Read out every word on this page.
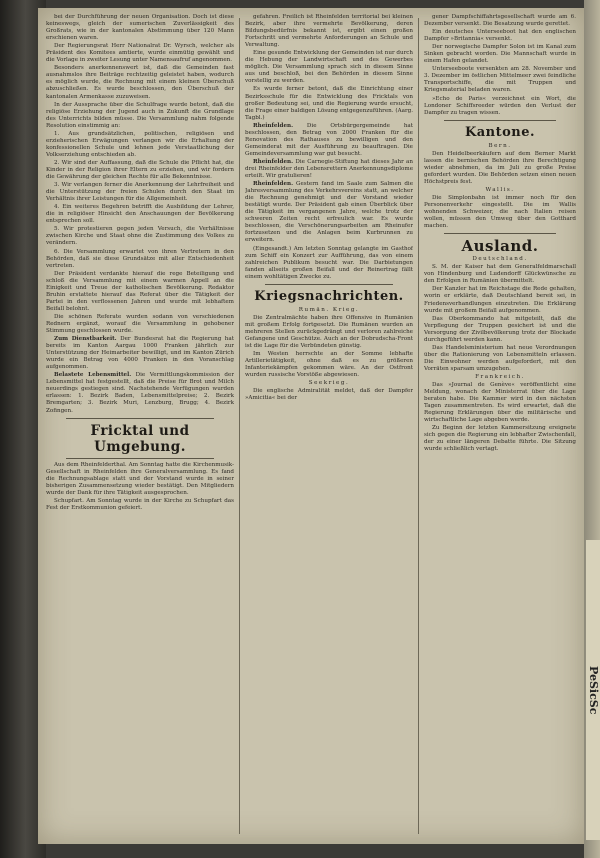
bei der Durchführung der neuen Organisation. Doch ist diese keineswegs, gleich der sumerischen Zuverlässigkeit des Großrats, wie in der kantonalen Abstimmung über 120 Mann erschienen waren.

Der Regierungsrat Herr Nationalrat Dr. Wyrsch, welcher als Präsident des Komitees amtierte, wurde einmütig gewählt und die Vorlage in zweiter Lesung unter Namensaufruf angenommen.

Besonders anerkennenswert ist, daß die Gemeinden fast ausnahmslos ihre Beiträge rechtzeitig geleistet haben, wodurch es möglich wurde, die Rechnung mit einem kleinen Überschuß abzuschließen. Es wurde beschlossen, den Überschuß der kantonalen Armenkasse zuzuweisen.

In der Aussprache über die Schulfrage wurde betont, daß die religiöse Erziehung der Jugend auch in Zukunft die Grundlage des Unterrichts bilden müsse. Die Versammlung nahm folgende Resolution einstimmig an:

1. Aus grundsätzlichen, politischen, religiösen und erzieherischen Erwägungen verlangen wir die Erhaltung der konfessionellen Schule und lehnen jede Verstaatlichung der Volkserziehung entschieden ab.

2. Wir sind der Auffassung, daß die Schule die Pflicht hat, die Kinder in der Religion ihrer Eltern zu erziehen, und wir fordern die Gewährung der gleichen Rechte für alle Bekenntnisse.

3. Wir verlangen ferner die Anerkennung der Lehrfreiheit und die Unterstützung der freien Schulen durch den Staat im Verhältnis ihrer Leistungen für die Allgemeinheit.

4. Ein weiteres Begehren betrifft die Ausbildung der Lehrer, die in religiöser Hinsicht den Anschauungen der Bevölkerung entsprechen soll.

5. Wir protestieren gegen jeden Versuch, die Verhältnisse zwischen Kirche und Staat ohne die Zustimmung des Volkes zu verändern.

6. Die Versammlung erwartet von ihren Vertretern in den Behörden, daß sie diese Grundsätze mit aller Entschiedenheit vertreten.

Der Präsident verdankte hierauf die rege Beteiligung und schloß die Versammlung mit einem warmen Appell an die Einigkeit und Treue der katholischen Bevölkerung. Redaktor Bruhin erstattete hierauf das Referat über die Tätigkeit der Partei in den verflossenen Jahren und wurde mit lebhaftem Beifall belohnt.

Die schönen Referate wurden sodann von verschiedenen Rednern ergänzt, worauf die Versammlung in gehobener Stimmung geschlossen wurde.

Zum Dienstbarkeit. Der Bundesrat hat die Regierung hat bereits im Kanton Aargau 1000 Franken jährlich zur Unterstützung der Heimarbeiter bewilligt, und im Kanton Zürich wurde ein Betrag von 4000 Franken in den Voranschlag aufgenommen.

Belastete Lebensmittel. Die Vermittlungskommission der Lebensmittel hat festgestellt, daß die Preise für Brot und Milch neuerdings gestiegen sind. Nachstehende Verfügungen wurden erlassen: 1. Bezirk Baden, Lebensmittelpreise; 2. Bezirk Bremgarten; 3. Bezirk Muri, Lenzburg, Brugg; 4. Bezirk Zofingen.

Fricktal und Umgebung.

Aus dem Rheinfelderthal. Am Sonntag hatte die Kirchenmusik-Gesellschaft in Rheinfelden ihre Generalversammlung. Es fand die Rechnungsablage statt und der Vorstand wurde in seiner bisherigen Zusammensetzung wieder bestätigt. Den Mitgliedern wurde der Dank für ihre Tätigkeit ausgesprochen.

Schupfart. Am Sonntag wurde in der Kirche zu Schupfart das Fest der Erstkommunion gefeiert.

gefahren. Freilich ist Rheinfelden territorial bei kleinen Bezirk, aber ihre vermehrte Bevölkerung, deren Bildungsbedürfnis bekannt ist, ergibt einen großen Fortschritt und vermehrte Anforderungen an Schule und Verwaltung.

Eine gesunde Entwicklung der Gemeinden ist nur durch die Hebung der Landwirtschaft und des Gewerbes möglich. Die Versammlung sprach sich in diesem Sinne aus und beschloß, bei den Behörden in diesem Sinne vorstellig zu werden.

Es wurde ferner betont, daß die Einrichtung einer Bezirksschule für die Entwicklung des Fricktals von großer Bedeutung sei, und die Regierung wurde ersucht, die Frage einer baldigen Lösung entgegenzuführen. (Aarg. Tagbl.)

Rheinfelden. Die Ortsbürgergemeinde hat beschlossen, den Betrag von 2000 Franken für die Renovation des Rathauses zu bewilligen und den Gemeinderat mit der Ausführung zu beauftragen. Die Gemeindeversammlung war gut besucht.

Rheinfelden. Die Carnegie-Stiftung hat dieses Jahr an drei Rheinfelder den Lebensrettern Anerkennungsdiplome erteilt. Wir gratulieren!

Rheinfelden. Gestern fand im Saale zum Salmen die Jahresversammlung des Verkehrsvereins statt, an welcher die Rechnung genehmigt und der Vorstand wieder bestätigt wurde. Der Präsident gab einen Überblick über die Tätigkeit im vergangenen Jahre, welche trotz der schweren Zeiten recht erfreulich war. Es wurde beschlossen, die Verschönerungsarbeiten am Rheinufer fortzusetzen und die Anlagen beim Kurbrunnen zu erweitern.

(Eingesandt.) Am letzten Sonntag gelangte im Gasthof zum Schiff ein Konzert zur Aufführung, das von einem zahlreichen Publikum besucht war. Die Darbietungen fanden allseits großen Beifall und der Reinertrag fällt einem wohltätigen Zwecke zu.

Kriegsnachrichten.
Rumän. Krieg.

Die Zentralmächte haben ihre Offensive in Rumänien mit großem Erfolg fortgesetzt. Die Rumänen wurden an mehreren Stellen zurückgedrängt und verloren zahlreiche Gefangene und Geschütze. Auch an der Dobrudscha-Front ist die Lage für die Verbündeten günstig.

Im Westen herrschte an der Somme lebhafte Artillerietätigkeit, ohne daß es zu größeren Infanteriekämpfen gekommen wäre. An der Ostfront wurden russische Vorstöße abgewiesen.

Seekrieg.

Die englische Admiralität meldet, daß der Dampfer »Amicitia« bei der

gener Dampfschiffahrtsgesellschaft wurde am 6. Dezember versenkt. Die Besatzung wurde gerettet.

Ein deutsches Unterseeboot hat den englischen Dampfer »Britannia« versenkt.

Der norwegische Dampfer Solon ist im Kanal zum Sinken gebracht worden. Die Mannschaft wurde in einem Hafen gelandet.

Unterseeboote versenkten am 28. November und 3. Dezember im östlichen Mittelmeer zwei feindliche Transportschiffe, die mit Truppen und Kriegsmaterial beladen waren.

»Echo de Paris« verzeichnet ein Wort, die Londoner Schiffsreeder würden den Verlust der Dampfer zu tragen wissen.

Kantone.
Bern.

Den Heidelbeerkäufern auf dem Berner Markt lassen die bernischen Behörden ihre Berechtigung wieder abnehmen, da im Juli zu große Preise gefordert wurden. Die Behörden setzen einen neuen Höchstpreis fest.

Wallis.

Die Simplonbahn ist immer noch für den Personenverkehr eingestellt. Die im Wallis wohnenden Schweizer, die nach Italien reisen wollen, müssen den Umweg über den Gotthard machen.

Ausland.
Deutschland.

S. M. der Kaiser hat dem Generalfeldmarschall von Hindenburg und Ludendorff Glückwünsche zu den Erfolgen in Rumänien übermittelt.

Der Kanzler hat im Reichstage die Rede gehalten, worin er erklärte, daß Deutschland bereit sei, in Friedensverhandlungen einzutreten. Die Erklärung wurde mit großem Beifall aufgenommen.

Das Oberkommando hat mitgeteilt, daß die Verpflegung der Truppen gesichert ist und die Versorgung der Zivilbevölkerung trotz der Blockade durchgeführt werden kann.

Das Handelsministerium hat neue Verordnungen über die Rationierung von Lebensmitteln erlassen. Die Einwohner werden aufgefordert, mit den Vorräten sparsam umzugehen.

Frankreich.

Das »Journal de Genève« veröffentlicht eine Meldung, wonach der Ministerrat über die Lage beraten habe. Die Kammer wird in den nächsten Tagen zusammentreten. Es wird erwartet, daß die Regierung Erklärungen über die militärische und wirtschaftliche Lage abgeben werde.

Zu Beginn der letzten Kammersitzung ereignete sich gegen die Regierung ein lebhafter Zwischenfall, der zu einer längeren Debatte führte. Die Sitzung wurde schließlich vertagt.

PeSicSc
